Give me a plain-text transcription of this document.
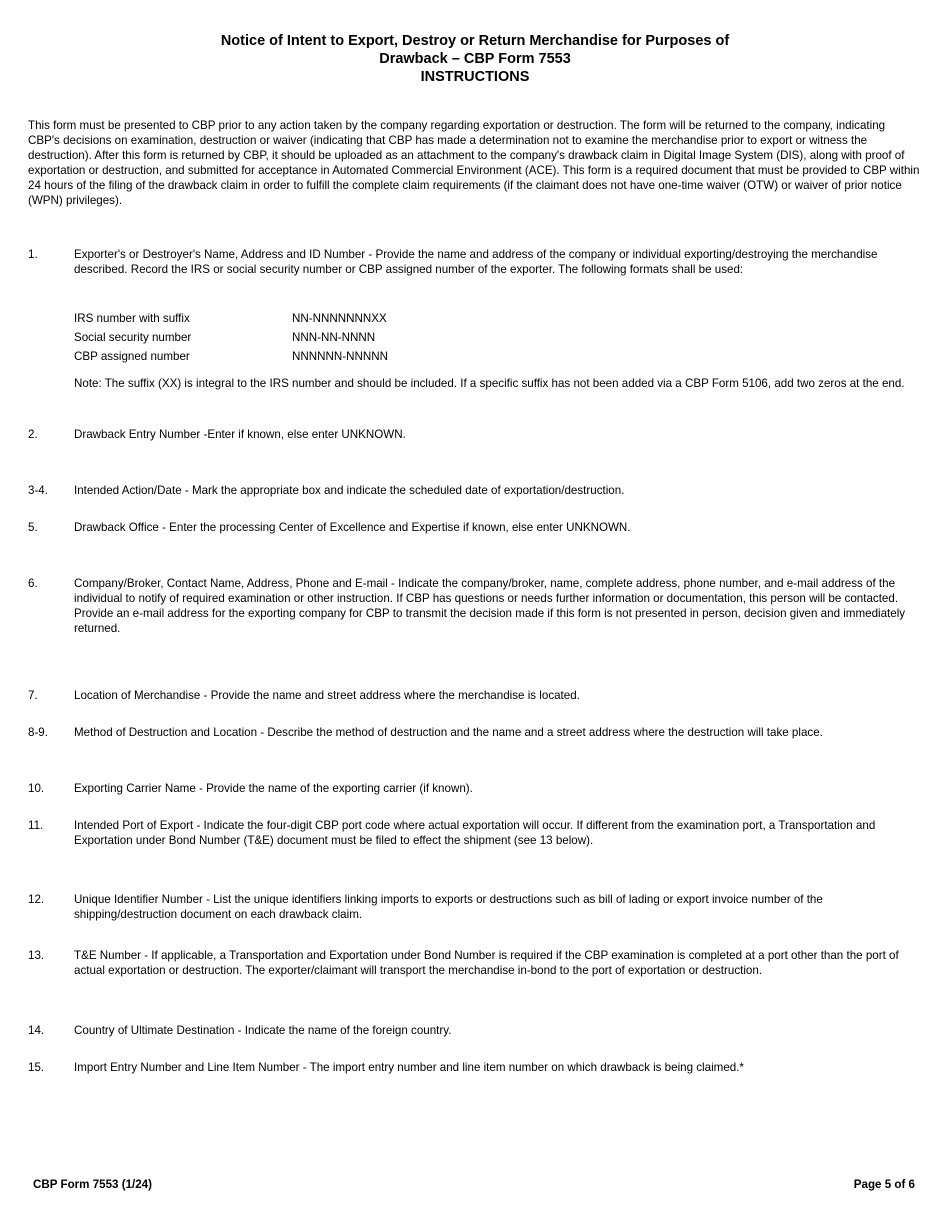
Notice of Intent to Export, Destroy or Return Merchandise for Purposes of
Drawback – CBP Form 7553
INSTRUCTIONS
This form must be presented to CBP prior to any action taken by the company regarding exportation or destruction. The form will be returned to the company, indicating CBP's decisions on examination, destruction or waiver (indicating that CBP has made a determination not to examine the merchandise prior to export or witness the destruction). After this form is returned by CBP, it should be uploaded as an attachment to the company's drawback claim in Digital Image System (DIS), along with proof of exportation or destruction, and submitted for acceptance in Automated Commercial Environment (ACE). This form is a required document that must be provided to CBP within 24 hours of the filing of the drawback claim in order to fulfill the complete claim requirements (if the claimant does not have one-time waiver (OTW) or waiver of prior notice (WPN) privileges).
1.	Exporter's or Destroyer's Name, Address and ID Number - Provide the name and address of the company or individual exporting/destroying the merchandise described. Record the IRS or social security number or CBP assigned number of the exporter. The following formats shall be used:
IRS number with suffix	NN-NNNNNNNXX
Social security number	NNN-NN-NNNN
CBP assigned number	NNNNNN-NNNNN
Note: The suffix (XX) is integral to the IRS number and should be included. If a specific suffix has not been added via a CBP Form 5106, add two zeros at the end.
2.	Drawback Entry Number -Enter if known, else enter UNKNOWN.
3-4.	Intended Action/Date - Mark the appropriate box and indicate the scheduled date of exportation/destruction.
5.	Drawback Office - Enter the processing Center of Excellence and Expertise if known, else enter UNKNOWN.
6.	Company/Broker, Contact Name, Address, Phone and E-mail - Indicate the company/broker, name, complete address, phone number, and e-mail address of the individual to notify of required examination or other instruction. If CBP has questions or needs further information or documentation, this person will be contacted. Provide an e-mail address for the exporting company for CBP to transmit the decision made if this form is not presented in person, decision given and immediately returned.
7.	Location of Merchandise - Provide the name and street address where the merchandise is located.
8-9.	Method of Destruction and Location - Describe the method of destruction and the name and a street address where the destruction will take place.
10.	Exporting Carrier Name - Provide the name of the exporting carrier (if known).
11.	Intended Port of Export - Indicate the four-digit CBP port code where actual exportation will occur. If different from the examination port, a Transportation and Exportation under Bond Number (T&E) document must be filed to effect the shipment (see 13 below).
12.	Unique Identifier Number - List the unique identifiers linking imports to exports or destructions such as bill of lading or export invoice number of the shipping/destruction document on each drawback claim.
13.	T&E Number - If applicable, a Transportation and Exportation under Bond Number is required if the CBP examination is completed at a port other than the port of actual exportation or destruction. The exporter/claimant will transport the merchandise in-bond to the port of exportation or destruction.
14.	Country of Ultimate Destination - Indicate the name of the foreign country.
15.	Import Entry Number and Line Item Number - The import entry number and line item number on which drawback is being claimed.*
CBP Form 7553 (1/24)	Page 5 of 6
